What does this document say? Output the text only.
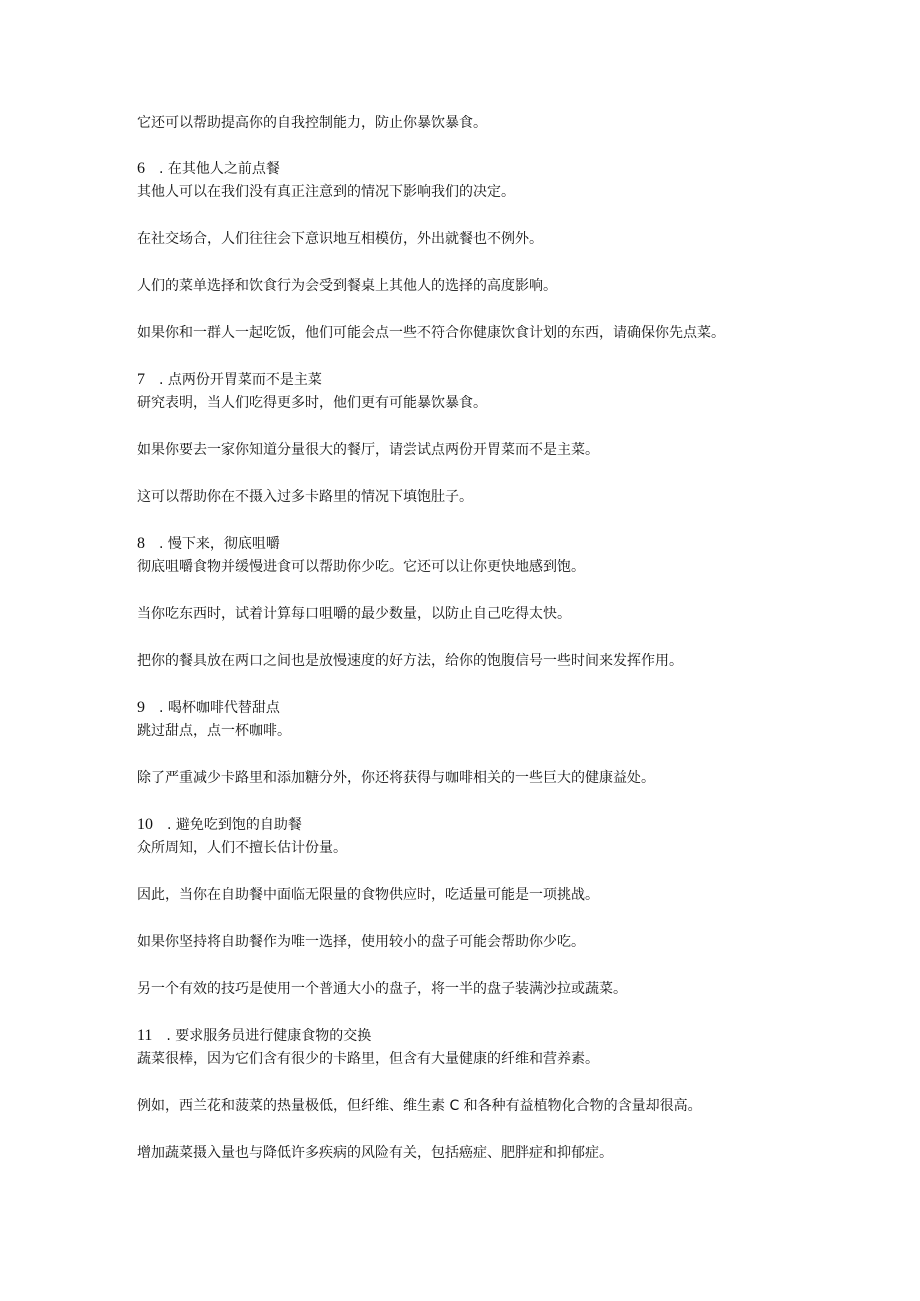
它还可以帮助提高你的自我控制能力，防止你暴饮暴食。
6 . 在其他人之前点餐
其他人可以在我们没有真正注意到的情况下影响我们的决定。
在社交场合，人们往往会下意识地互相模仿，外出就餐也不例外。
人们的菜单选择和饮食行为会受到餐桌上其他人的选择的高度影响。
如果你和一群人一起吃饭，他们可能会点一些不符合你健康饮食计划的东西，请确保你先点菜。
7 . 点两份开胃菜而不是主菜
研究表明，当人们吃得更多时，他们更有可能暴饮暴食。
如果你要去一家你知道分量很大的餐厅，请尝试点两份开胃菜而不是主菜。
这可以帮助你在不摄入过多卡路里的情况下填饱肚子。
8 . 慢下来，彻底咀嚼
彻底咀嚼食物并缓慢进食可以帮助你少吃。它还可以让你更快地感到饱。
当你吃东西时，试着计算每口咀嚼的最少数量，以防止自己吃得太快。
把你的餐具放在两口之间也是放慢速度的好方法，给你的饱腹信号一些时间来发挥作用。
9 . 喝杯咖啡代替甜点
跳过甜点，点一杯咖啡。
除了严重减少卡路里和添加糖分外，你还将获得与咖啡相关的一些巨大的健康益处。
10 . 避免吃到饱的自助餐
众所周知，人们不擅长估计份量。
因此，当你在自助餐中面临无限量的食物供应时，吃适量可能是一项挑战。
如果你坚持将自助餐作为唯一选择，使用较小的盘子可能会帮助你少吃。
另一个有效的技巧是使用一个普通大小的盘子，将一半的盘子装满沙拉或蔬菜。
11 . 要求服务员进行健康食物的交换
蔬菜很棒，因为它们含有很少的卡路里，但含有大量健康的纤维和营养素。
例如，西兰花和菠菜的热量极低，但纤维、维生素 C 和各种有益植物化合物的含量却很高。
增加蔬菜摄入量也与降低许多疾病的风险有关，包括癌症、肥胖症和抑郁症。
